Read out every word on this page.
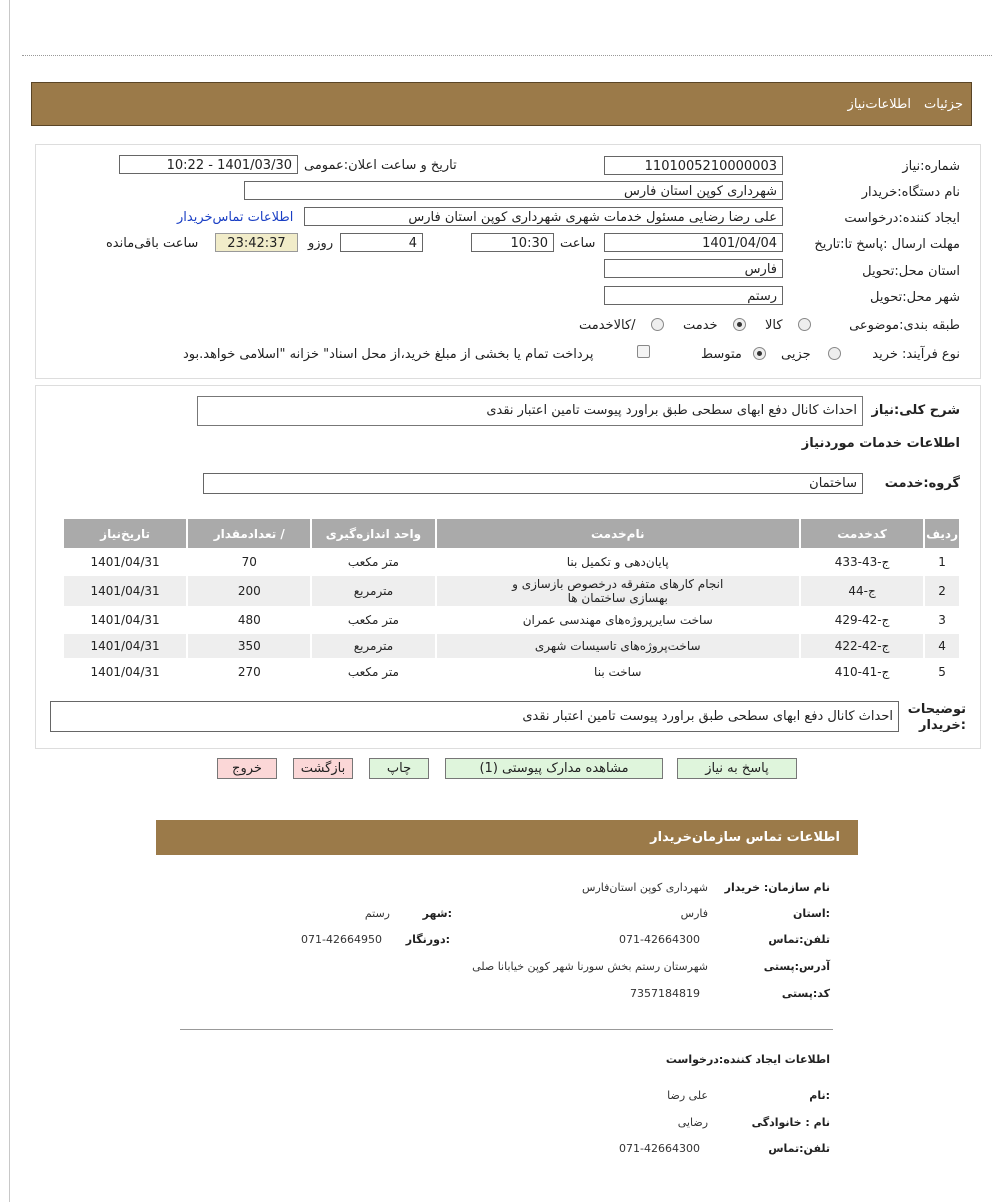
جزئیات
اطلاعات‌نیاز
شماره:نیاز
1101005210000003
تاریخ و ساعت اعلان:عمومی
1401/03/30 - 10:22
نام دستگاه:خریدار
شهرداری کوپن استان فارس
ایجاد کننده:درخواست
علی رضا رضایی مسئول خدمات شهری شهرداری کوپن استان فارس
اطلاعات تماس‌خریدار
مهلت ارسال :پاسخ تا:تاریخ
1401/04/04
ساعت
10:30
4
روزو
23:42:37
ساعت باقی‌مانده
استان محل:تحویل
فارس
شهر محل:تحویل
رستم
طبقه بندی:موضوعی
کالا
خدمت
/کالاخدمت
نوع فرآیند: خرید
جزیی
متوسط
پرداخت تمام یا بخشی از مبلغ خرید،از محل اسناد" خزانه "اسلامی خواهد.بود
شرح کلی:نیاز
احداث کانال دفع ابهای سطحی طبق براورد پیوست تامین اعتبار نقدی
اطلاعات خدمات موردنیاز
گروه:خدمت
ساختمان
ردیف	کدخدمت	نام‌خدمت	واحد اندازه‌گیری	/ تعدادمقدار	تاریخ‌نیاز
1	ج-43-433	پایان‌دهی و تکمیل بنا	متر مکعب	70	1401/04/31
2	ج-44	انجام کارهای متفرقه درخصوص بازسازی و بهسازی ساختمان ها	مترمربع	200	1401/04/31
3	ج-42-429	ساخت سایرپروژه‌های مهندسی عمران	متر مکعب	480	1401/04/31
4	ج-42-422	ساخت‌پروژه‌های تاسیسات شهری	مترمربع	350	1401/04/31
5	ج-41-410	ساخت بنا	متر مکعب	270	1401/04/31
توضیحات :خریدار
احداث کانال دفع ابهای سطحی طبق براورد پیوست تامین اعتبار نقدی
پاسخ به نیاز
مشاهده مدارک پیوستی (1)
چاپ
بازگشت
خروج
اطلاعات تماس سازمان‌خریدار
نام سازمان: خریدار
شهرداری کوپن استان‌فارس
:استان
فارس
:شهر
رستم
تلفن:تماس
071-42664300
:دورنگار
071-42664950
آدرس:پستی
شهرستان رستم بخش سورنا شهر کوپن خیابانا صلی
کد:پستی
7357184819
اطلاعات ایجاد کننده:درخواست
:نام
علی رضا
نام : خانوادگی
رضایی
تلفن:تماس
071-42664300
